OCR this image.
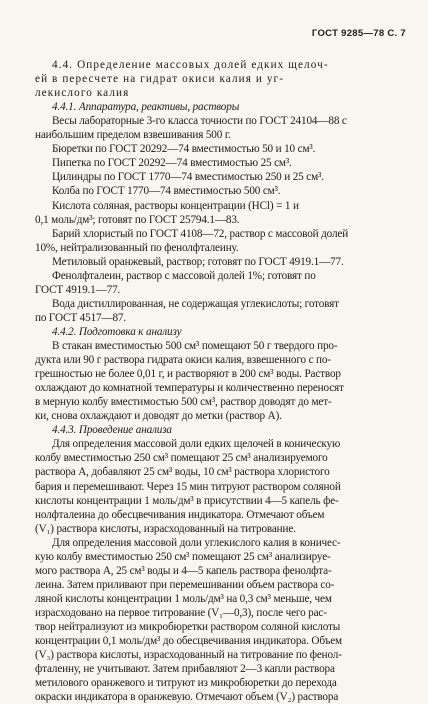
ГОСТ 9285—78 С. 7
4.4. Определение массовых долей едких щелоч-
ей в пересчете на гидрат окиси калия и уг-
лекислого калия
4.4.1. Аппаратура, реактивы, растворы
Весы лабораторные 3-го класса точности по ГОСТ 24104—88 с
наибольшим пределом взвешивания 500 г.
Бюретки по ГОСТ 20292—74 вместимостью 50 и 10 см³.
Пипетка по ГОСТ 20292—74 вместимостью 25 см³.
Цилиндры по ГОСТ 1770—74 вместимостью 250 и 25 см³.
Колба по ГОСТ 1770—74 вместимостью 500 см³.
Кислота соляная, растворы концентрации (HCl) = 1 и
0,1 моль/дм³; готовят по ГОСТ 25794.1—83.
Барий хлористый по ГОСТ 4108—72, раствор с массовой долей
10%, нейтрализованный по фенолфталеину.
Метиловый оранжевый, раствор; готовят по ГОСТ 4919.1—77.
Фенолфталеин, раствор с массовой долей 1%; готовят по
ГОСТ 4919.1—77.
Вода дистиллированная, не содержащая углекислоты; готовят
по ГОСТ 4517—87.
4.4.2. Подготовка к анализу
В стакан вместимостью 500 см³ помещают 50 г твердого про-
дукта или 90 г раствора гидрата окиси калия, взвешенного с по-
грешностью не более 0,01 г, и растворяют в 200 см³ воды. Раствор
охлаждают до комнатной температуры и количественно переносят
в мерную колбу вместимостью 500 см³, раствор доводят до мет-
ки, снова охлаждают и доводят до метки (раствор А).
4.4.3. Проведение анализа
Для определения массовой доли едких щелочей в коническую
колбу вместимостью 250 см³ помещают 25 см³ анализируемого
раствора А, добавляют 25 см³ воды, 10 см³ раствора хлористого
бария и перемешивают. Через 15 мин титруют раствором соляной
кислоты концентрации 1 моль/дм³ в присутствии 4—5 капель фе-
нолфталеина до обесцвечивания индикатора. Отмечают объем
(V₁) раствора кислоты, израсходованный на титрование.
Для определения массовой доли углекислого калия в коничес-
кую колбу вместимостью 250 см³ помещают 25 см³ анализируе-
мого раствора А, 25 см³ воды и 4—5 капель раствора фенолфта-
леина. Затем приливают при перемешивании объем раствора со-
ляной кислоты концентрации 1 моль/дм³ на 0,3 см³ меньше, чем
израсходовано на первое титрование (V₁—0,3), после чего рас-
твор нейтрализуют из микробюретки раствором соляной кислоты
концентрации 0,1 моль/дм³ до обесцвечивания индикатора. Объем
(V₃) раствора кислоты, израсходованный на титрование по фенол-
фталеину, не учитывают. Затем прибавляют 2—3 капли раствора
метилового оранжевого и титруют из микробюретки до перехода
окраски индикатора в оранжевую. Отмечают объем (V₂) раствора
